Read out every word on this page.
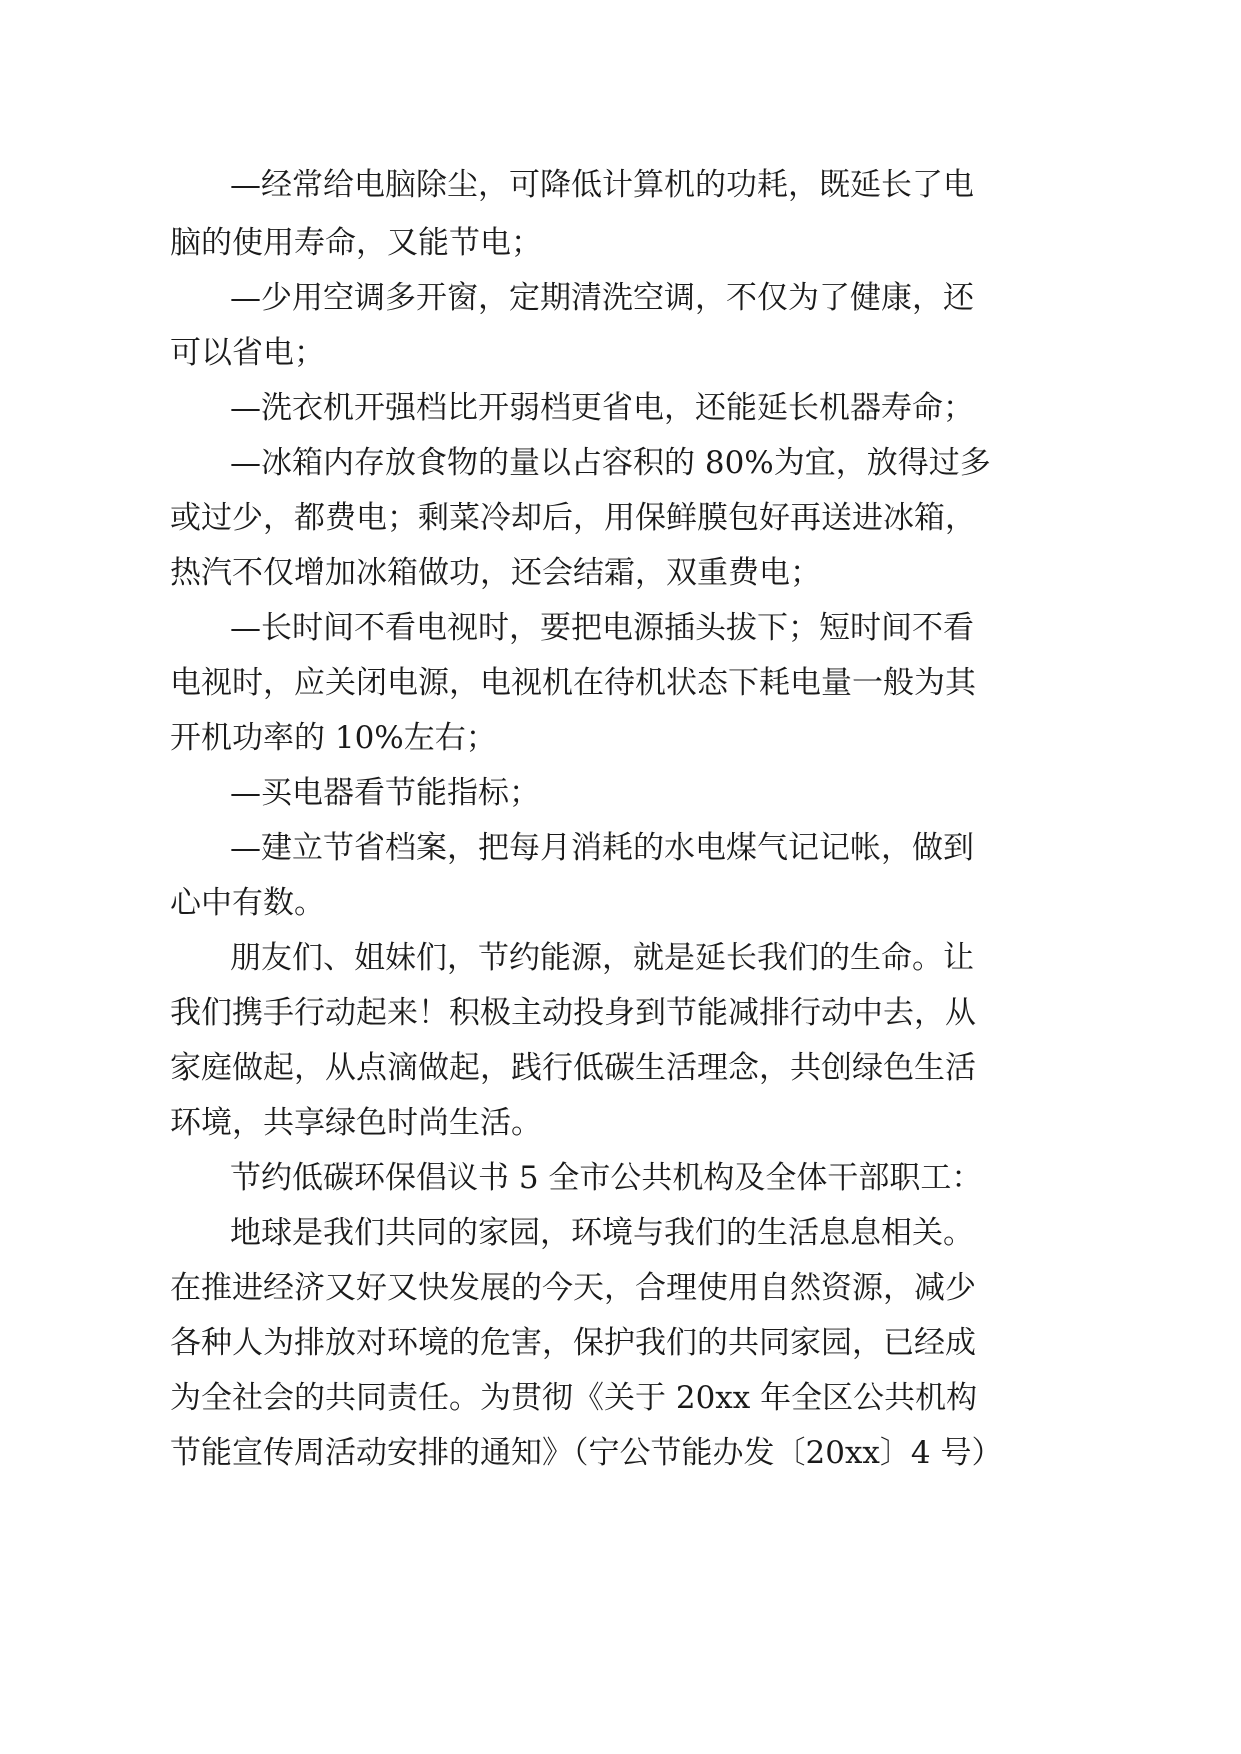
—经常给电脑除尘，可降低计算机的功耗，既延长了电
脑的使用寿命，又能节电；
—少用空调多开窗，定期清洗空调，不仅为了健康，还
可以省电；
—洗衣机开强档比开弱档更省电，还能延长机器寿命；
—冰箱内存放食物的量以占容积的 80%为宜，放得过多
或过少，都费电；剩菜冷却后，用保鲜膜包好再送进冰箱，
热汽不仅增加冰箱做功，还会结霜，双重费电；
—长时间不看电视时，要把电源插头拔下；短时间不看
电视时，应关闭电源，电视机在待机状态下耗电量一般为其
开机功率的 10%左右；
—买电器看节能指标；
—建立节省档案，把每月消耗的水电煤气记记帐，做到
心中有数。
朋友们、姐妹们，节约能源，就是延长我们的生命。让
我们携手行动起来！积极主动投身到节能减排行动中去，从
家庭做起，从点滴做起，践行低碳生活理念，共创绿色生活
环境，共享绿色时尚生活。
节约低碳环保倡议书 5 全市公共机构及全体干部职工：
地球是我们共同的家园，环境与我们的生活息息相关。
在推进经济又好又快发展的今天，合理使用自然资源，减少
各种人为排放对环境的危害，保护我们的共同家园，已经成
为全社会的共同责任。为贯彻《关于 20xx 年全区公共机构
节能宣传周活动安排的通知》（宁公节能办发〔20xx〕4 号）
